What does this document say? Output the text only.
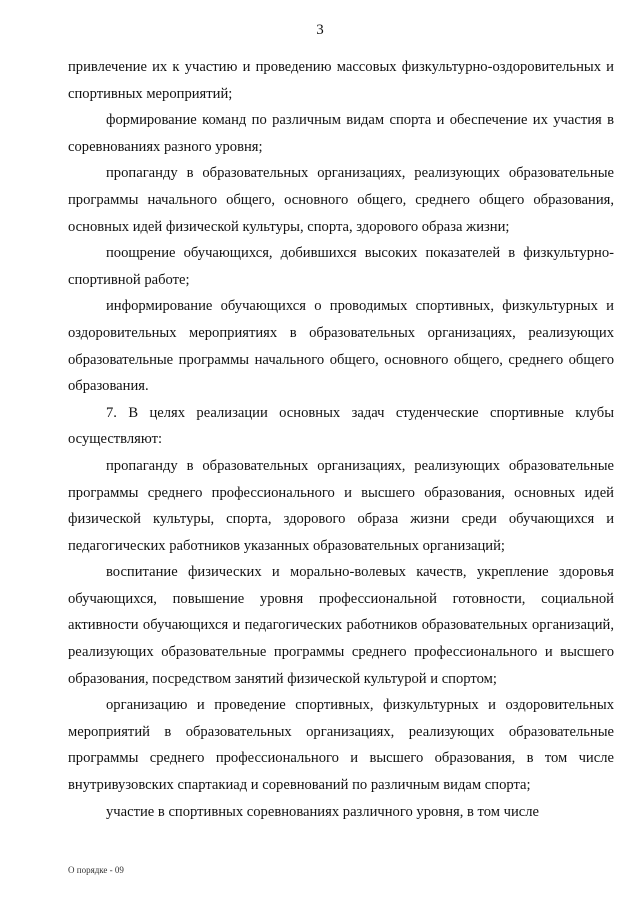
3

привлечение их к участию и проведению массовых физкультурно-оздоровительных и спортивных мероприятий;

формирование команд по различным видам спорта и обеспечение их участия в соревнованиях разного уровня;

пропаганду в образовательных организациях, реализующих образовательные программы начального общего, основного общего, среднего общего образования, основных идей физической культуры, спорта, здорового образа жизни;

поощрение обучающихся, добившихся высоких показателей в физкультурно-спортивной работе;

информирование обучающихся о проводимых спортивных, физкультурных и оздоровительных мероприятиях в образовательных организациях, реализующих образовательные программы начального общего, основного общего, среднего общего образования.

7. В целях реализации основных задач студенческие спортивные клубы осуществляют:

пропаганду в образовательных организациях, реализующих образовательные программы среднего профессионального и высшего образования, основных идей физической культуры, спорта, здорового образа жизни среди обучающихся и педагогических работников указанных образовательных организаций;

воспитание физических и морально-волевых качеств, укрепление здоровья обучающихся, повышение уровня профессиональной готовности, социальной активности обучающихся и педагогических работников образовательных организаций, реализующих образовательные программы среднего профессионального и высшего образования, посредством занятий физической культурой и спортом;

организацию и проведение спортивных, физкультурных и оздоровительных мероприятий в образовательных организациях, реализующих образовательные программы среднего профессионального и высшего образования, в том числе внутривузовских спартакиад и соревнований по различным видам спорта;

участие в спортивных соревнованиях различного уровня, в том числе

О порядке - 09
